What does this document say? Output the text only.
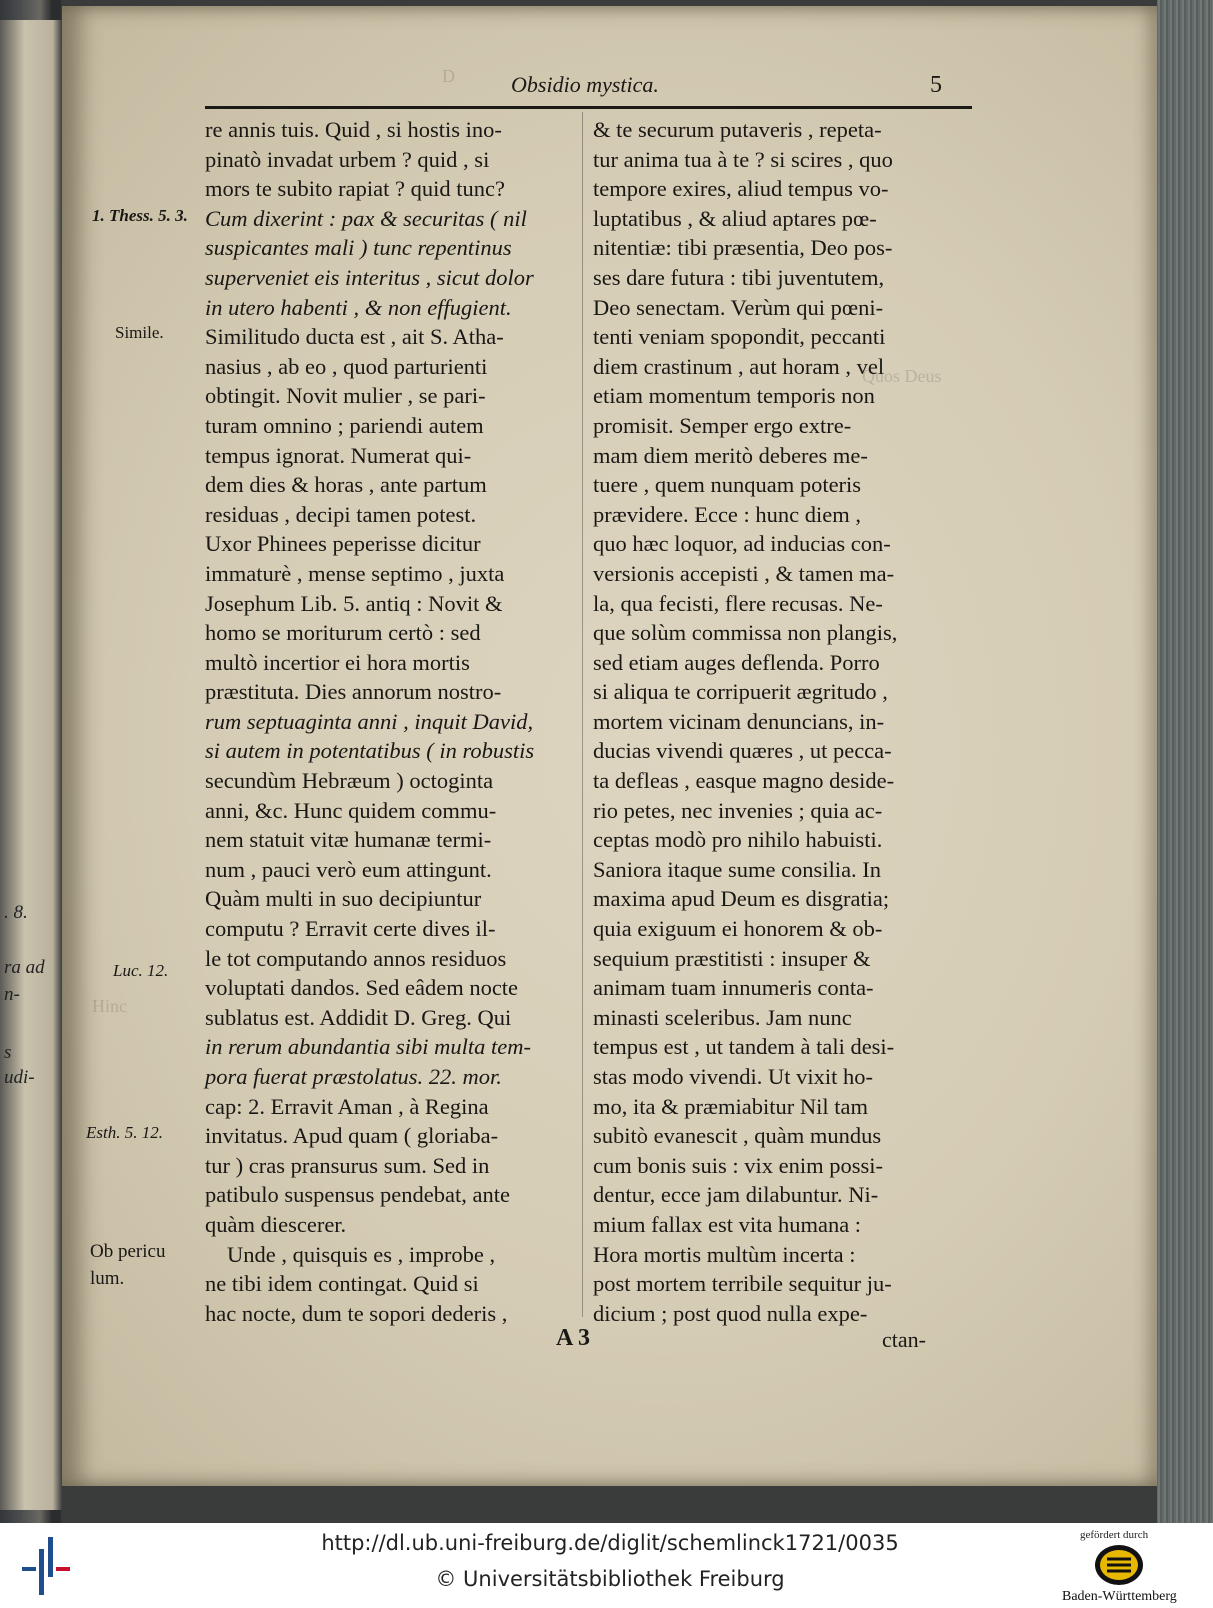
. 8.
ra ad
n-
s
udi-
D
Quos Deus
Hinc
Obsidio mystica.	5
re annis tuis. Quid , si hostis ino-
pinatò invadat urbem ? quid , si
mors te subito rapiat ? quid tunc?
Cum dixerint : pax & securitas ( nil
suspicantes mali ) tunc repentinus
superveniet eis interitus , sicut dolor
in utero habenti , & non effugient.
Similitudo ducta est , ait S. Atha-
nasius , ab eo , quod parturienti
obtingit. Novit mulier , se pari-
turam omnino ; pariendi autem
tempus ignorat. Numerat qui-
dem dies & horas , ante partum
residuas , decipi tamen potest.
Uxor Phinees peperisse dicitur
immaturè , mense septimo , juxta
Josephum Lib. 5. antiq : Novit &
homo se moriturum certò : sed
multò incertior ei hora mortis
præstituta. Dies annorum nostro-
rum septuaginta anni , inquit David,
si autem in potentatibus ( in robustis
secundùm Hebræum ) octoginta
anni, &c. Hunc quidem commu-
nem statuit vitæ humanæ termi-
num , pauci verò eum attingunt.
Quàm multi in suo decipiuntur
computu ? Erravit certe dives il-
le tot computando annos residuos
voluptati dandos. Sed eâdem nocte
sublatus est. Addidit D. Greg. Qui
in rerum abundantia sibi multa tem-
pora fuerat præstolatus. 22. mor.
cap: 2. Erravit Aman , à Regina
invitatus. Apud quam ( gloriaba-
tur ) cras pransurus sum. Sed in
patibulo suspensus pendebat, ante
quàm diescerer.
Unde , quisquis es , improbe ,
ne tibi idem contingat. Quid si
hac nocte, dum te sopori dederis ,
& te securum putaveris , repeta-
tur anima tua à te ? si scires , quo
tempore exires, aliud tempus vo-
luptatibus , & aliud aptares pœ-
nitentiæ: tibi præsentia, Deo pos-
ses dare futura : tibi juventutem,
Deo senectam. Verùm qui pœni-
tenti veniam spopondit, peccanti
diem crastinum , aut horam , vel
etiam momentum temporis non
promisit. Semper ergo extre-
mam diem meritò deberes me-
tuere , quem nunquam poteris
prævidere. Ecce : hunc diem ,
quo hæc loquor, ad inducias con-
versionis accepisti , & tamen ma-
la, qua fecisti, flere recusas. Ne-
que solùm commissa non plangis,
sed etiam auges deflenda. Porro
si aliqua te corripuerit ægritudo ,
mortem vicinam denuncians, in-
ducias vivendi quæres , ut pecca-
ta defleas , easque magno deside-
rio petes, nec invenies ; quia ac-
ceptas modò pro nihilo habuisti.
Saniora itaque sume consilia. In
maxima apud Deum es disgratia;
quia exiguum ei honorem & ob-
sequium præstitisti : insuper &
animam tuam innumeris conta-
minasti sceleribus. Jam nunc
tempus est , ut tandem à tali desi-
stas modo vivendi. Ut vixit ho-
mo, ita & præmiabitur Nil tam
subitò evanescit , quàm mundus
cum bonis suis : vix enim possi-
dentur, ecce jam dilabuntur. Ni-
mium fallax est vita humana :
Hora mortis multùm incerta :
post mortem terribile sequitur ju-
dicium ; post quod nulla expe-
1. Thess. 5. 3.
Simile.
Luc. 12.
Esth. 5. 12.
Ob pericu
lum.
A 3	ctan-
http://dl.ub.uni-freiburg.de/diglit/schemlinck1721/0035
© Universitätsbibliothek Freiburg
gefördert durch
Baden-Württemberg
